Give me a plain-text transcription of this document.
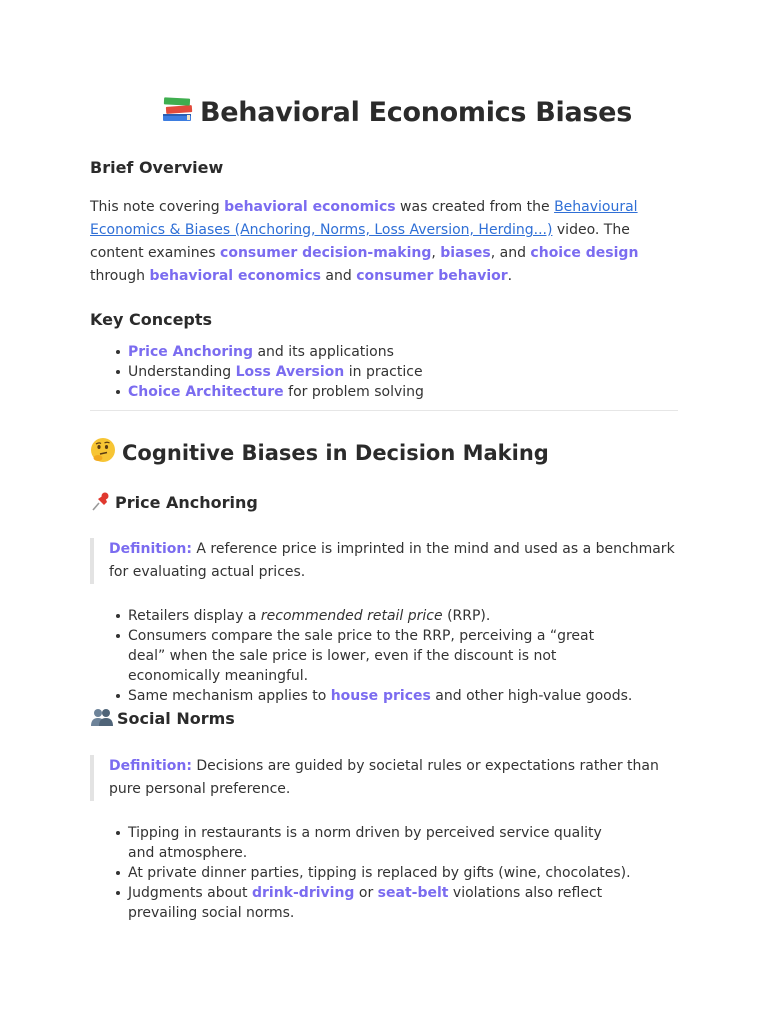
Behavioral Economics Biases
Brief Overview
This note covering behavioral economics was created from the Behavioural Economics & Biases (Anchoring, Norms, Loss Aversion, Herding...) video. The content examines consumer decision-making, biases, and choice design through behavioral economics and consumer behavior.
Key Concepts
Price Anchoring and its applications
Understanding Loss Aversion in practice
Choice Architecture for problem solving
Cognitive Biases in Decision Making
Price Anchoring
Definition: A reference price is imprinted in the mind and used as a benchmark for evaluating actual prices.
Retailers display a recommended retail price (RRP).
Consumers compare the sale price to the RRP, perceiving a “great deal” when the sale price is lower, even if the discount is not economically meaningful.
Same mechanism applies to house prices and other high-value goods.
Social Norms
Definition: Decisions are guided by societal rules or expectations rather than pure personal preference.
Tipping in restaurants is a norm driven by perceived service quality and atmosphere.
At private dinner parties, tipping is replaced by gifts (wine, chocolates).
Judgments about drink-driving or seat-belt violations also reflect prevailing social norms.
